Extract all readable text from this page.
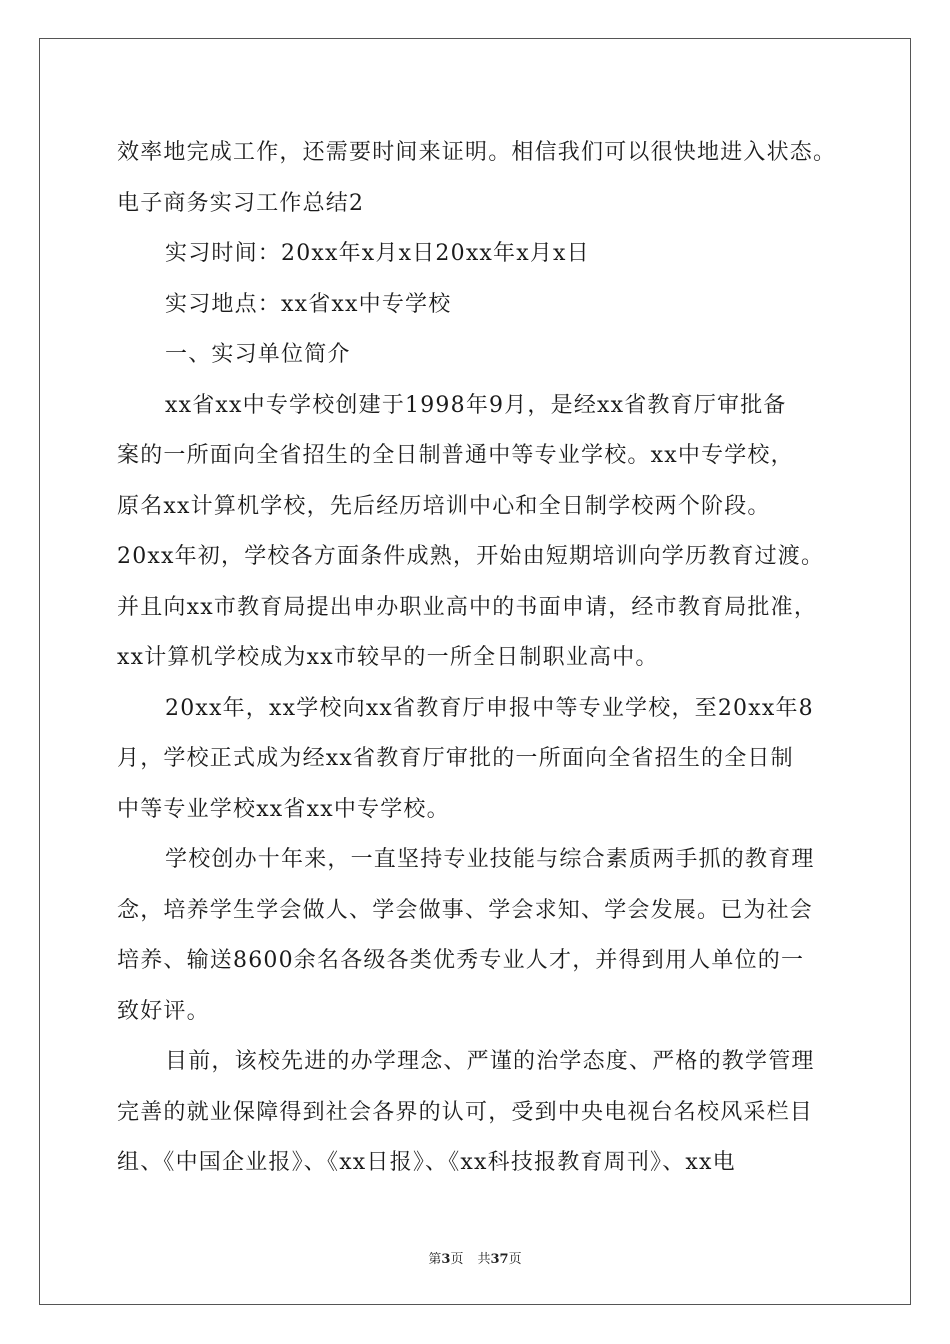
效率地完成工作，还需要时间来证明。相信我们可以很快地进入状态。
电子商务实习工作总结2
实习时间：20xx年x月x日20xx年x月x日
实习地点：xx省xx中专学校
一、实习单位简介
xx省xx中专学校创建于1998年9月，是经xx省教育厅审批备
案的一所面向全省招生的全日制普通中等专业学校。xx中专学校，
原名xx计算机学校，先后经历培训中心和全日制学校两个阶段。
20xx年初，学校各方面条件成熟，开始由短期培训向学历教育过渡。
并且向xx市教育局提出申办职业高中的书面申请，经市教育局批准，
xx计算机学校成为xx市较早的一所全日制职业高中。
20xx年，xx学校向xx省教育厅申报中等专业学校，至20xx年8
月，学校正式成为经xx省教育厅审批的一所面向全省招生的全日制
中等专业学校xx省xx中专学校。
学校创办十年来，一直坚持专业技能与综合素质两手抓的教育理
念，培养学生学会做人、学会做事、学会求知、学会发展。已为社会
培养、输送8600余名各级各类优秀专业人才，并得到用人单位的一
致好评。
目前，该校先进的办学理念、严谨的治学态度、严格的教学管理
完善的就业保障得到社会各界的认可，受到中央电视台名校风采栏目
组、《中国企业报》、《xx日报》、《xx科技报教育周刊》、xx电
第3页 共37页
